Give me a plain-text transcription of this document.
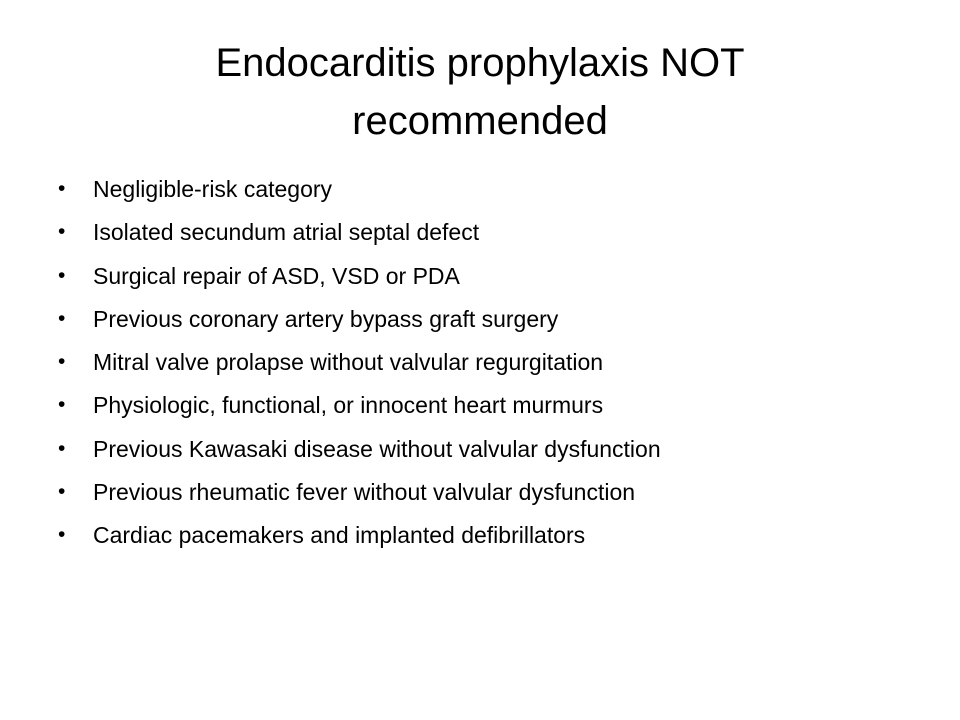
Endocarditis prophylaxis NOT
recommended
•	Negligible-risk category
•	Isolated secundum atrial septal defect
•	Surgical repair of ASD, VSD or PDA
•	Previous coronary artery bypass graft surgery
•	Mitral valve prolapse without valvular regurgitation
•	Physiologic, functional, or innocent heart murmurs
•	Previous Kawasaki disease without valvular dysfunction
•	Previous rheumatic fever without valvular dysfunction
•	Cardiac pacemakers and implanted defibrillators
